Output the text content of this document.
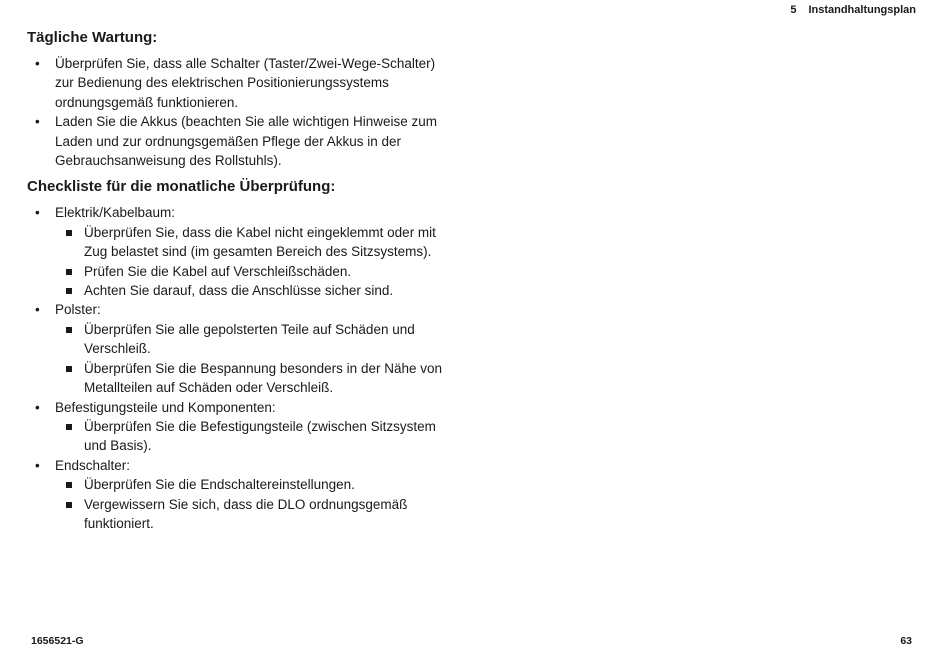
5 Instandhaltungsplan
Tägliche Wartung:
• Überprüfen Sie, dass alle Schalter (Taster/Zwei-Wege-Schalter) zur Bedienung des elektrischen Positionierungssystems ordnungsgemäß funktionieren.
• Laden Sie die Akkus (beachten Sie alle wichtigen Hinweise zum Laden und zur ordnungsgemäßen Pflege der Akkus in der Gebrauchsanweisung des Rollstuhls).
Checkliste für die monatliche Überprüfung:
• Elektrik/Kabelbaum:
Überprüfen Sie, dass die Kabel nicht eingeklemmt oder mit Zug belastet sind (im gesamten Bereich des Sitzsystems).
Prüfen Sie die Kabel auf Verschleißschäden.
Achten Sie darauf, dass die Anschlüsse sicher sind.
• Polster:
Überprüfen Sie alle gepolsterten Teile auf Schäden und Verschleiß.
Überprüfen Sie die Bespannung besonders in der Nähe von Metallteilen auf Schäden oder Verschleiß.
• Befestigungsteile und Komponenten:
Überprüfen Sie die Befestigungsteile (zwischen Sitzsystem und Basis).
• Endschalter:
Überprüfen Sie die Endschaltereinstellungen.
Vergewissern Sie sich, dass die DLO ordnungsgemäß funktioniert.
1656521-G	63
